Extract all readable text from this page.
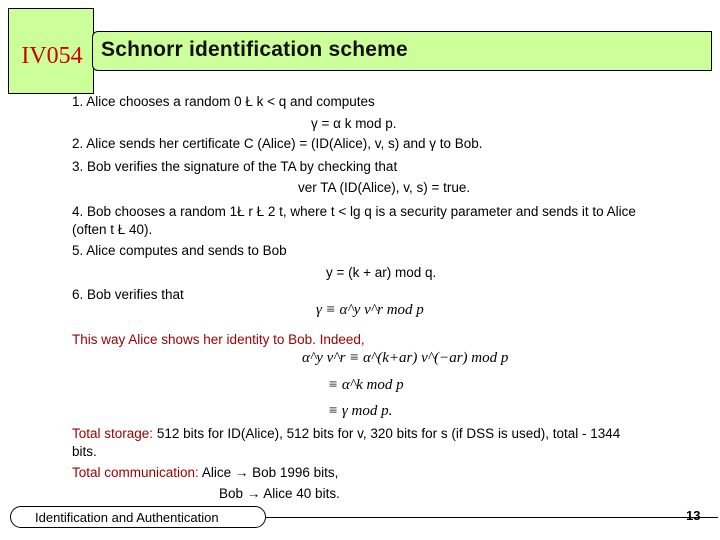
IV054 Schnorr identification scheme
1. Alice chooses a random 0 Ł k < q and computes
γ = α k mod p.
2. Alice sends her certificate C (Alice) = (ID(Alice), v, s) and γ to Bob.
3. Bob verifies the signature of the TA by checking that
ver TA (ID(Alice), v, s) = true.
4. Bob chooses a random 1Ł r Ł 2 t, where t < lg q is a security parameter and sends it to Alice
(often t Ł 40).
5. Alice computes and sends to Bob
y = (k + ar) mod q.
6. Bob verifies that
γ ≡ α^y v^r mod p
This way Alice shows her identity to Bob. Indeed,
α^y v^r ≡ α^(k+ar) v^(−ar) mod p
≡ α^k mod p
≡ γ mod p.
Total storage: 512 bits for ID(Alice), 512 bits for v, 320 bits for s (if DSS is used), total - 1344
bits.
Total communication: Alice → Bob 1996 bits,
Bob → Alice 40 bits.
Identification and Authentication	13
